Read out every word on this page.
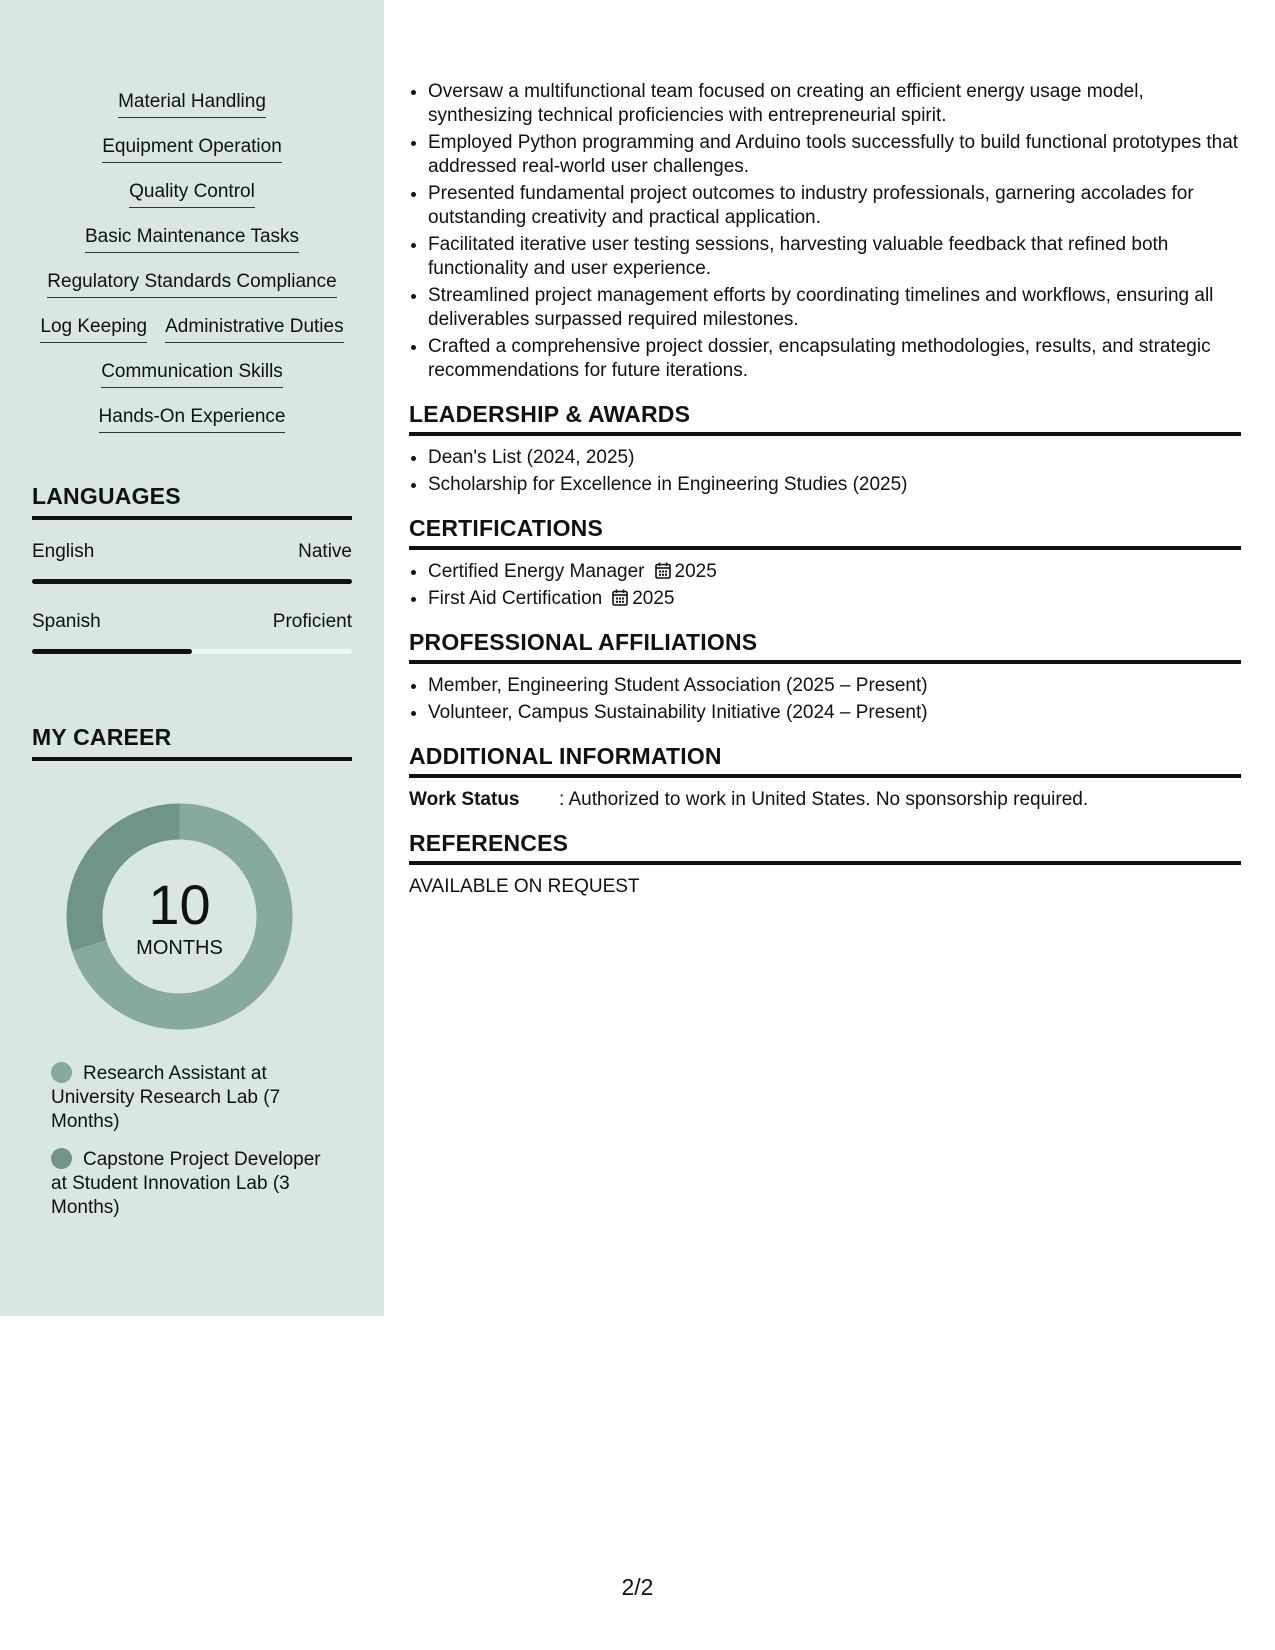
Material Handling
Equipment Operation
Quality Control
Basic Maintenance Tasks
Regulatory Standards Compliance
Log Keeping Administrative Duties
Communication Skills
Hands-On Experience
LANGUAGES
English	Native
Spanish	Proficient
MY CAREER
10
MONTHS
Research Assistant at University Research Lab (7 Months)
Capstone Project Developer at Student Innovation Lab (3 Months)
• Oversaw a multifunctional team focused on creating an efficient energy usage model, synthesizing technical proficiencies with entrepreneurial spirit.
• Employed Python programming and Arduino tools successfully to build functional prototypes that addressed real-world user challenges.
• Presented fundamental project outcomes to industry professionals, garnering accolades for outstanding creativity and practical application.
• Facilitated iterative user testing sessions, harvesting valuable feedback that refined both functionality and user experience.
• Streamlined project management efforts by coordinating timelines and workflows, ensuring all deliverables surpassed required milestones.
• Crafted a comprehensive project dossier, encapsulating methodologies, results, and strategic recommendations for future iterations.
LEADERSHIP & AWARDS
• Dean's List (2024, 2025)
• Scholarship for Excellence in Engineering Studies (2025)
CERTIFICATIONS
• Certified Energy Manager 2025
• First Aid Certification 2025
PROFESSIONAL AFFILIATIONS
• Member, Engineering Student Association (2025 – Present)
• Volunteer, Campus Sustainability Initiative (2024 – Present)
ADDITIONAL INFORMATION
Work Status	: Authorized to work in United States. No sponsorship required.
REFERENCES
AVAILABLE ON REQUEST
2/2
